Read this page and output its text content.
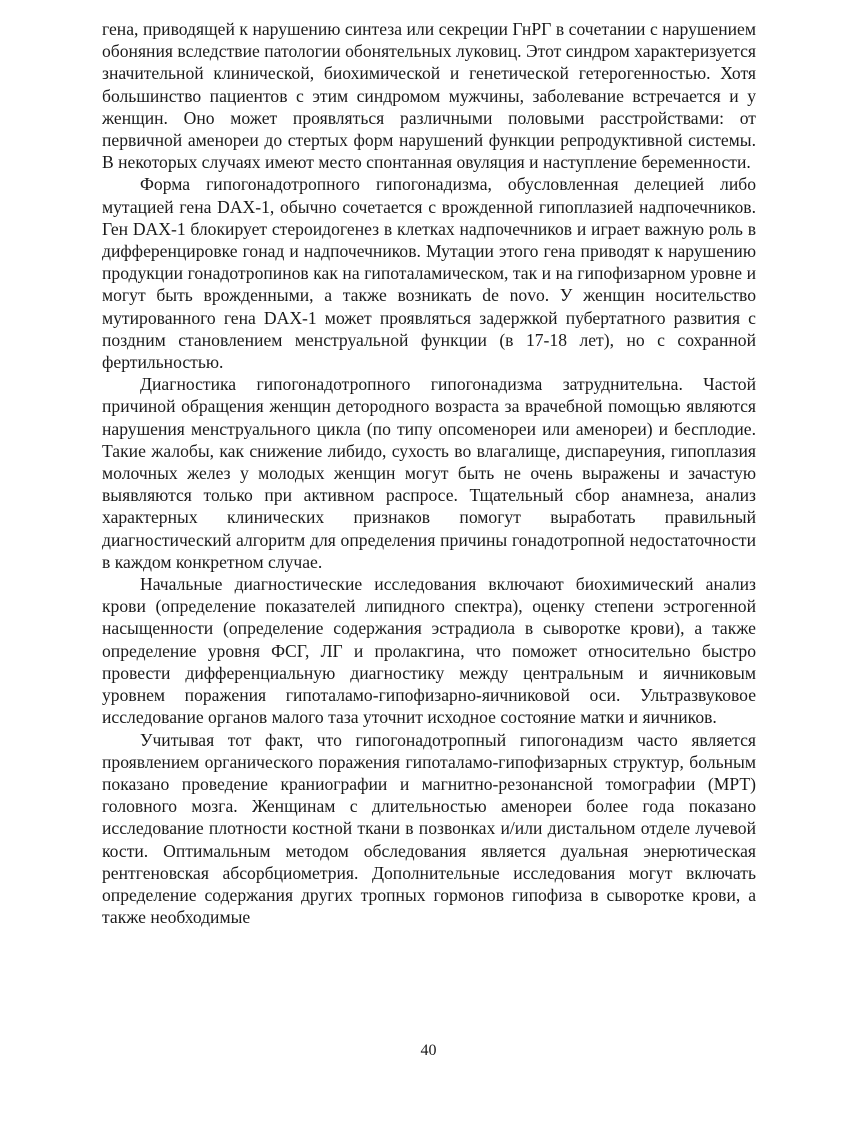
гена, приводящей к нарушению синтеза или секреции ГнРГ в сочетании с нарушением обоняния вследствие патологии обонятельных луковиц. Этот синдром характеризуется значительной клинической, биохимической и генетической гетерогенностью. Хотя большинство пациентов с этим синдромом мужчины, заболевание встречается и у женщин. Оно может проявляться различными половыми расстройствами: от первичной аменореи до стертых форм нарушений функции репродуктивной системы. В некоторых случаях имеют место спонтанная овуляция и наступление беременности.

Форма гипогонадотропного гипогонадизма, обусловленная делецией либо мутацией гена DAX-1, обычно сочетается с врожденной гипоплазией надпочечников. Ген DAX-1 блокирует стероидогенез в клетках надпочечников и играет важную роль в дифференцировке гонад и надпочечников. Мутации этого гена приводят к нарушению продукции гонадотропинов как на гипоталамическом, так и на гипофизарном уровне и могут быть врожденными, а также возникать de novo. У женщин носительство мутированного гена DAX-1 может проявляться задержкой пубертатного развития с поздним становлением менструальной функции (в 17-18 лет), но с сохранной фертильностью.

Диагностика гипогонадотропного гипогонадизма затруднительна. Частой причиной обращения женщин детородного возраста за врачебной помощью являются нарушения менструального цикла (по типу опсоменореи или аменореи) и бесплодие. Такие жалобы, как снижение либидо, сухость во влагалище, диспареуния, гипоплазия молочных желез у молодых женщин могут быть не очень выражены и зачастую выявляются только при активном распросе. Тщательный сбор анамнеза, анализ характерных клинических признаков помогут выработать правильный диагностический алгоритм для определения причины гонадотропной недостаточности в каждом конкретном случае.

Начальные диагностические исследования включают биохимический анализ крови (определение показателей липидного спектра), оценку степени эстрогенной насыщенности (определение содержания эстрадиола в сыворотке крови), а также определение уровня ФСГ, ЛГ и пролакгина, что поможет относительно быстро провести дифференциальную диагностику между центральным и яичниковым уровнем поражения гипоталамо-гипофизарно-яичниковой оси. Ультразвуковое исследование органов малого таза уточнит исходное состояние матки и яичников.

Учитывая тот факт, что гипогонадотропный гипогонадизм часто является проявлением органического поражения гипоталамо-гипофизарных структур, больным показано проведение краниографии и магнитно-резонансной томографии (МРТ) головного мозга. Женщинам с длительностью аменореи более года показано исследование плотности костной ткани в позвонках и/или дистальном отделе лучевой кости. Оптимальным методом обследования является дуальная энерютическая рентгеновская абсорбциометрия. Дополнительные исследования могут включать определение содержания других тропных гормонов гипофиза в сыворотке крови, а также необходимые

40
